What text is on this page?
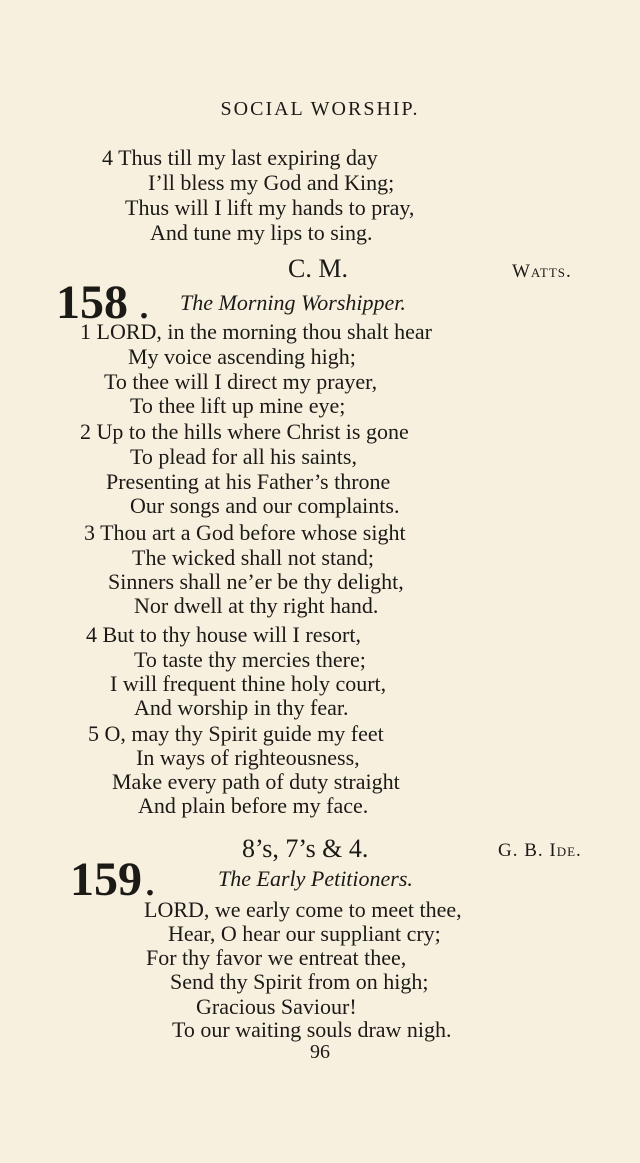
SOCIAL WORSHIP.
4 Thus till my last expiring day
I’ll bless my God and King;
Thus will I lift my hands to pray,
And tune my lips to sing.
C. M.	Watts.
158 . The Morning Worshipper.
1 LORD, in the morning thou shalt hear
My voice ascending high;
To thee will I direct my prayer,
To thee lift up mine eye;
2 Up to the hills where Christ is gone
To plead for all his saints,
Presenting at his Father’s throne
Our songs and our complaints.
3 Thou art a God before whose sight
The wicked shall not stand;
Sinners shall ne’er be thy delight,
Nor dwell at thy right hand.
4 But to thy house will I resort,
To taste thy mercies there;
I will frequent thine holy court,
And worship in thy fear.
5 O, may thy Spirit guide my feet
In ways of righteousness,
Make every path of duty straight
And plain before my face.
8’s, 7’s & 4.	G. B. Ide.
159 .	The Early Petitioners.
LORD, we early come to meet thee,
Hear, O hear our suppliant cry;
For thy favor we entreat thee,
Send thy Spirit from on high;
Gracious Saviour!
To our waiting souls draw nigh.
96
